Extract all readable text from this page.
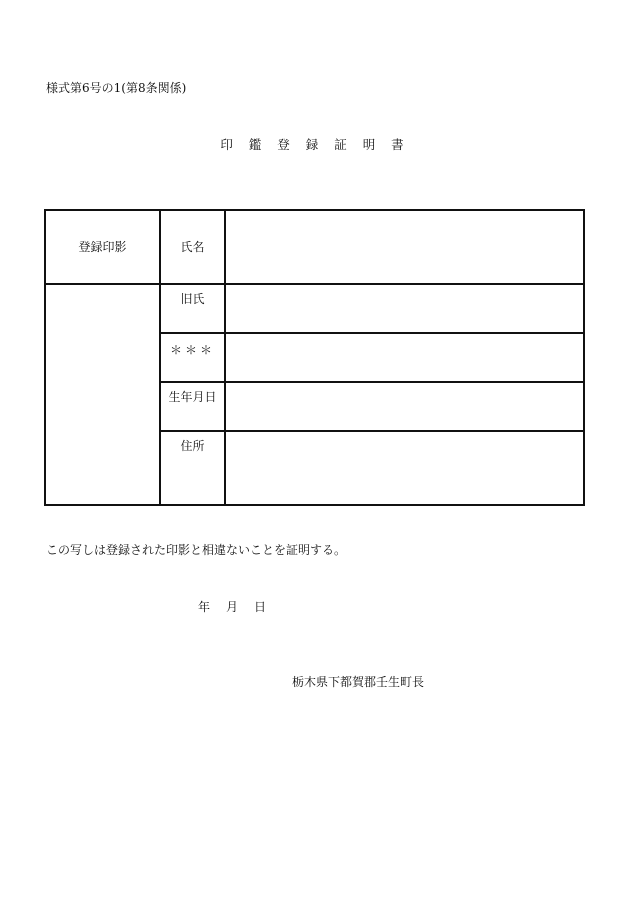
様式第6号の1(第8条関係)
印 鑑 登 録 証 明 書
登録印影	氏名	
	旧氏	
	＊＊＊	
	生年月日	
	住所	
この写しは登録された印影と相違ないことを証明する。
年 月 日
栃木県下都賀郡壬生町長
